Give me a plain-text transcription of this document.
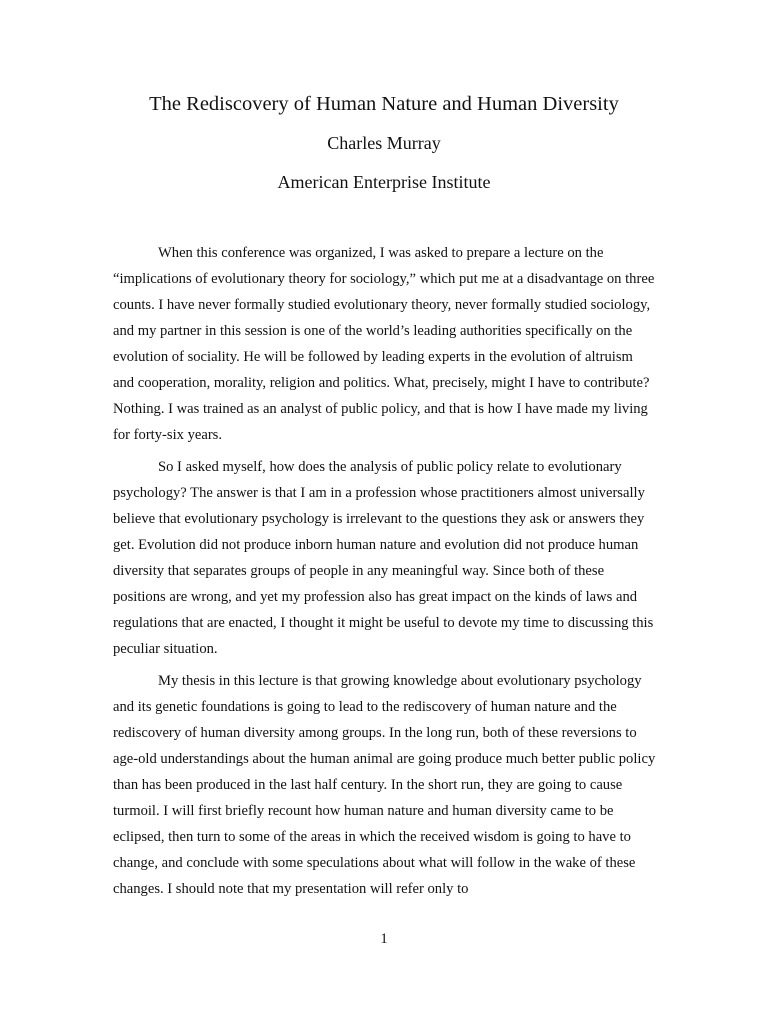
The Rediscovery of Human Nature and Human Diversity

Charles Murray

American Enterprise Institute

When this conference was organized, I was asked to prepare a lecture on the “implications of evolutionary theory for sociology,” which put me at a disadvantage on three counts. I have never formally studied evolutionary theory, never formally studied sociology, and my partner in this session is one of the world’s leading authorities specifically on the evolution of sociality. He will be followed by leading experts in the evolution of altruism and cooperation, morality, religion and politics. What, precisely, might I have to contribute? Nothing. I was trained as an analyst of public policy, and that is how I have made my living for forty-six years.

So I asked myself, how does the analysis of public policy relate to evolutionary psychology? The answer is that I am in a profession whose practitioners almost universally believe that evolutionary psychology is irrelevant to the questions they ask or answers they get. Evolution did not produce inborn human nature and evolution did not produce human diversity that separates groups of people in any meaningful way. Since both of these positions are wrong, and yet my profession also has great impact on the kinds of laws and regulations that are enacted, I thought it might be useful to devote my time to discussing this peculiar situation.

My thesis in this lecture is that growing knowledge about evolutionary psychology and its genetic foundations is going to lead to the rediscovery of human nature and the rediscovery of human diversity among groups. In the long run, both of these reversions to age-old understandings about the human animal are going produce much better public policy than has been produced in the last half century. In the short run, they are going to cause turmoil. I will first briefly recount how human nature and human diversity came to be eclipsed, then turn to some of the areas in which the received wisdom is going to have to change, and conclude with some speculations about what will follow in the wake of these changes. I should note that my presentation will refer only to

1
